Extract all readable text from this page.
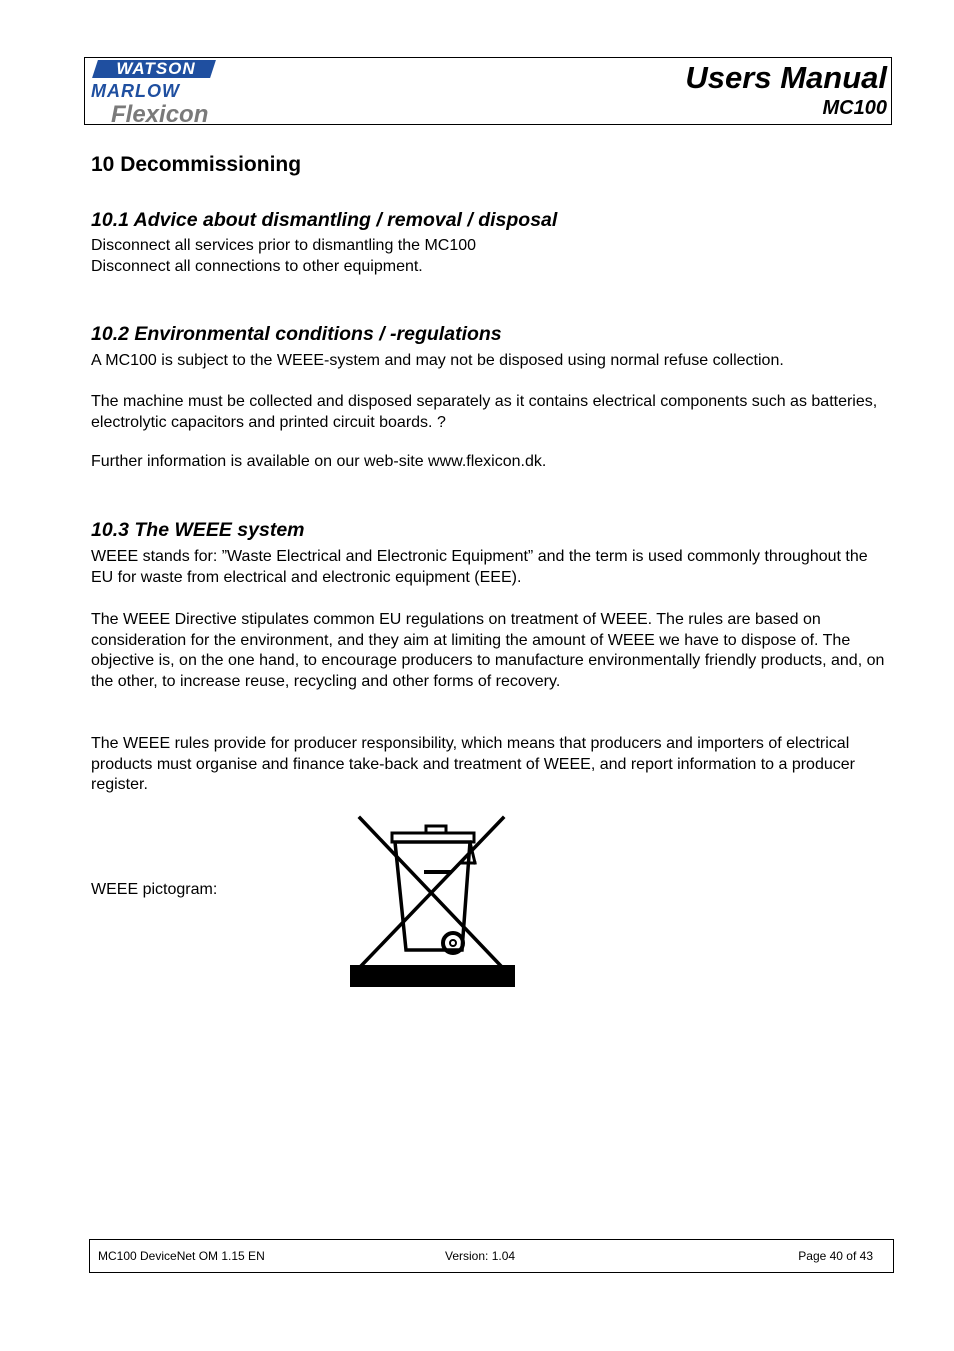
WATSON
MARLOW
Flexicon
Users Manual
MC100
10 Decommissioning
10.1 Advice about dismantling / removal / disposal
Disconnect all services prior to dismantling the MC100
Disconnect all connections to other equipment.
10.2 Environmental conditions / -regulations
A MC100 is subject to the WEEE-system and may not be disposed using normal refuse collection.
The machine must be collected and disposed separately as it contains electrical components such as batteries, electrolytic capacitors and printed circuit boards. ?
Further information is available on our web-site www.flexicon.dk.
10.3 The WEEE system
WEEE stands for: ”Waste Electrical and Electronic Equipment” and the term is used commonly throughout the EU for waste from electrical and electronic equipment (EEE).
The WEEE Directive stipulates common EU regulations on treatment of WEEE. The rules are based on consideration for the environment, and they aim at limiting the amount of WEEE we have to dispose of. The objective is, on the one hand, to encourage producers to manufacture environmentally friendly products, and, on the other, to increase reuse, recycling and other forms of recovery.
The WEEE rules provide for producer responsibility, which means that producers and importers of electrical products must organise and finance take-back and treatment of WEEE, and report information to a producer register.
WEEE pictogram:
MC100 DeviceNet OM 1.15 EN	Version: 1.04	Page 40 of 43
